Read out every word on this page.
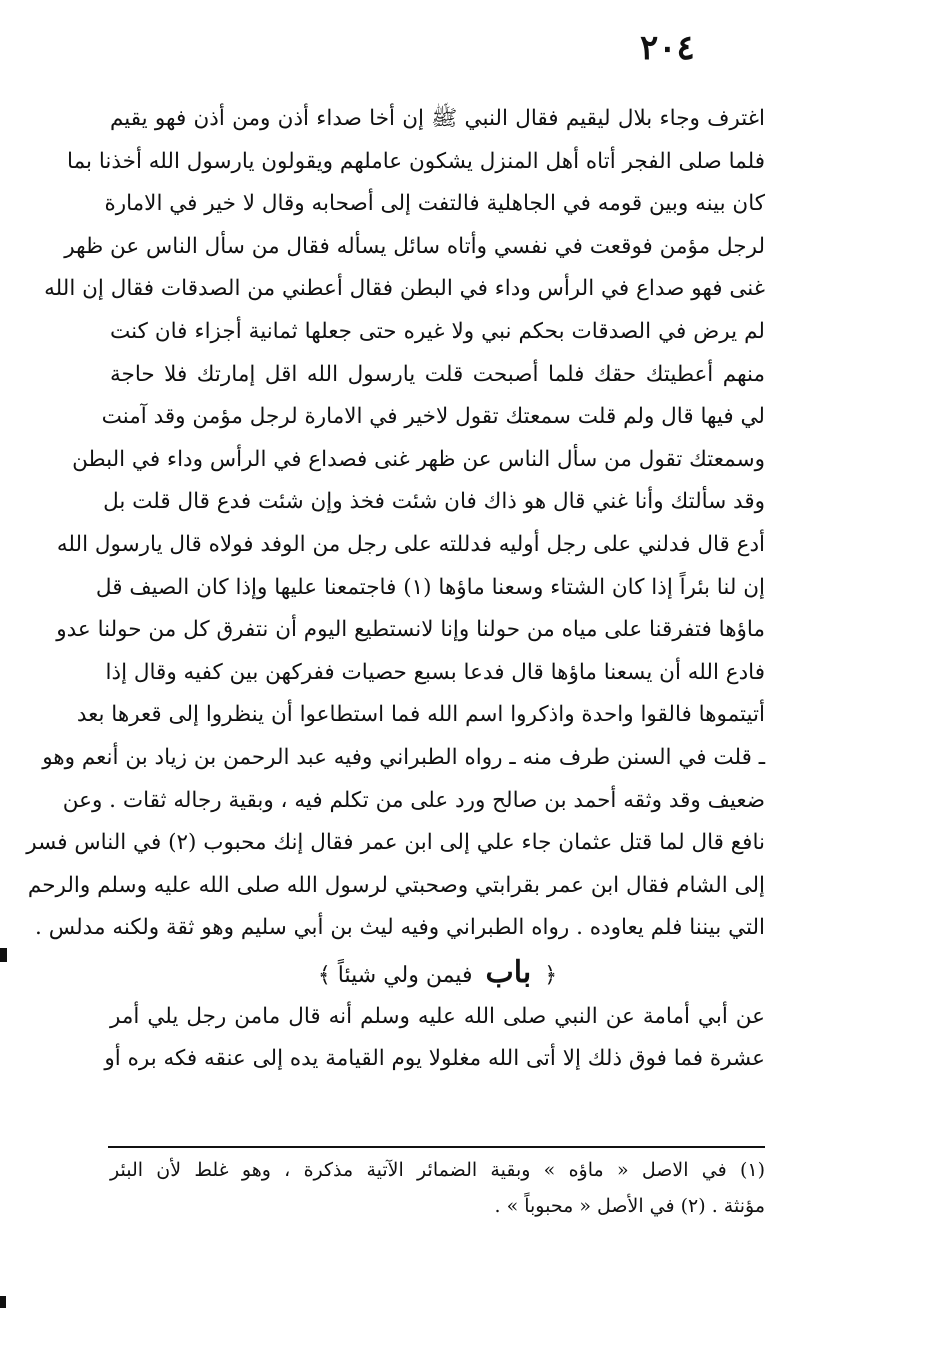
٢٠٤
اغترف وجاء بلال ليقيم فقال النبي ﷺ إن أخا صداء أذن ومن أذن فهو يقيم
فلما صلى الفجر أتاه أهل المنزل يشكون عاملهم ويقولون يارسول الله أخذنا بما
كان بينه وبين قومه في الجاهلية فالتفت إلى أصحابه وقال لا خير في الامارة
لرجل مؤمن فوقعت في نفسي وأتاه سائل يسأله فقال من سأل الناس عن ظهر
غنى فهو صداع في الرأس وداء في البطن فقال أعطني من الصدقات فقال إن الله
لم يرض في الصدقات بحكم نبي ولا غيره حتى جعلها ثمانية أجزاء فان كنت
منهم أعطيتك حقك فلما أصبحت قلت يارسول الله اقل إمارتك فلا حاجة
لي فيها قال ولم قلت سمعتك تقول لاخير في الامارة لرجل مؤمن وقد آمنت
وسمعتك تقول من سأل الناس عن ظهر غنى فصداع في الرأس وداء في البطن
وقد سألتك وأنا غني قال هو ذاك فان شئت فخذ وإن شئت فدع قال قلت بل
أدع قال فدلني على رجل أوليه فدللته على رجل من الوفد فولاه قال يارسول الله
إن لنا بئراً إذا كان الشتاء وسعنا ماؤها (١) فاجتمعنا عليها وإذا كان الصيف قل
ماؤها فتفرقنا على مياه من حولنا وإنا لانستطيع اليوم أن نتفرق كل من حولنا عدو
فادع الله أن يسعنا ماؤها قال فدعا بسبع حصيات ففركهن بين كفيه وقال إذا
أتيتموها فالقوا واحدة واذكروا اسم الله فما استطاعوا أن ينظروا إلى قعرها بعد
ـ قلت في السنن طرف منه ـ رواه الطبراني وفيه عبد الرحمن بن زياد بن أنعم وهو
ضعيف وقد وثقه أحمد بن صالح ورد على من تكلم فيه ، وبقية رجاله ثقات . وعن
نافع قال لما قتل عثمان جاء علي إلى ابن عمر فقال إنك محبوب (٢) في الناس فسر
إلى الشام فقال ابن عمر بقرابتي وصحبتي لرسول الله صلى الله عليه وسلم والرحم
التي بيننا فلم يعاوده . رواه الطبراني وفيه ليث بن أبي سليم وهو ثقة ولكنه مدلس .
﴿ باب فيمن ولي شيئاً ﴾
عن أبي أمامة عن النبي صلى الله عليه وسلم أنه قال مامن رجل يلي أمر
عشرة فما فوق ذلك إلا أتى الله مغلولا يوم القيامة يده إلى عنقه فكه بره أو
(١) في الاصل « ماؤه » وبقية الضمائر الآتية مذكرة ، وهو غلط لأن البئر
مؤنثة . (٢) في الأصل « محبوباً » .
